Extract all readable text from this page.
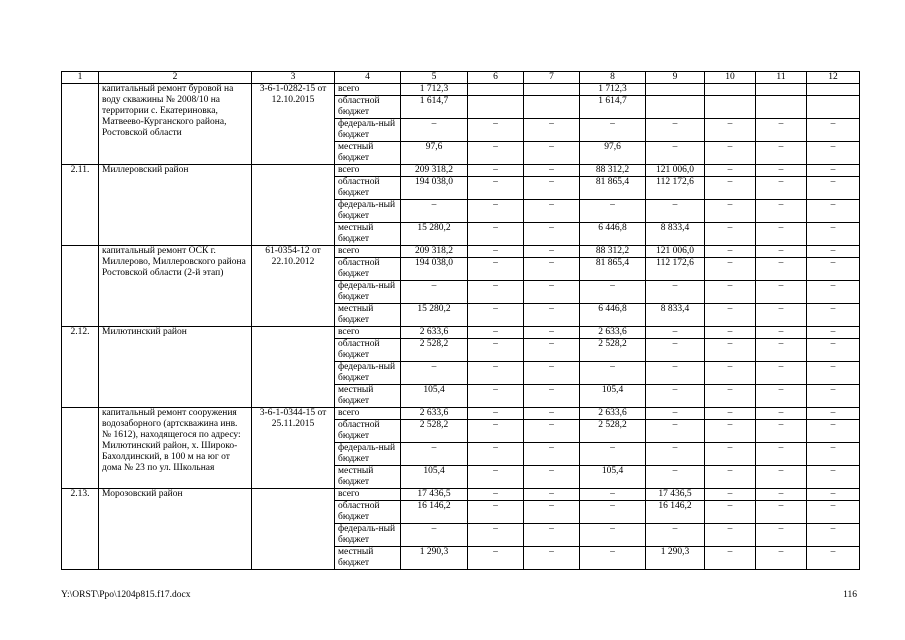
1	2	3	4	5	6	7	8	9	10	11	12
	капитальный ремонт буровой на воду скважины № 2008/10 на территории с. Екатериновка, Матвеево-Курганского района, Ростовской области	3-6-1-0282-15 от 12.10.2015	всего	1 712,3			1 712,3				
			областной бюджет	1 614,7			1 614,7				
			федераль-ный бюджет	–	–	–	–	–	–	–	–
			местный бюджет	97,6	–	–	97,6	–	–	–	–
2.11.	Миллеровский район		всего	209 318,2	–	–	88 312,2	121 006,0	–	–	–
			областной бюджет	194 038,0	–	–	81 865,4	112 172,6	–	–	–
			федераль-ный бюджет	–	–	–	–	–	–	–	–
			местный бюджет	15 280,2	–	–	6 446,8	8 833,4	–	–	–
	капитальный ремонт ОСК г. Миллерово, Миллеровского района Ростовской области (2-й этап)	61-0354-12 от 22.10.2012	всего	209 318,2	–	–	88 312,2	121 006,0	–	–	–
			областной бюджет	194 038,0	–	–	81 865,4	112 172,6	–	–	–
			федераль-ный бюджет	–	–	–	–	–	–	–	–
			местный бюджет	15 280,2	–	–	6 446,8	8 833,4	–	–	–
2.12.	Милютинский район		всего	2 633,6	–	–	2 633,6	–	–	–	–
			областной бюджет	2 528,2	–	–	2 528,2	–	–	–	–
			федераль-ный бюджет	–	–	–	–	–	–	–	–
			местный бюджет	105,4	–	–	105,4	–	–	–	–
	капитальный ремонт сооружения водозаборного (артскважина инв. № 1612), находящегося по адресу: Милютинский район, х. Широко-Бахолдинский, в 100 м на юг от дома № 23 по ул. Школьная	3-6-1-0344-15 от 25.11.2015	всего	2 633,6	–	–	2 633,6	–	–	–	–
			областной бюджет	2 528,2	–	–	2 528,2	–	–	–	–
			федераль-ный бюджет	–	–	–	–	–	–	–	–
			местный бюджет	105,4	–	–	105,4	–	–	–	–
2.13.	Морозовский район		всего	17 436,5	–	–	–	17 436,5	–	–	–
			областной бюджет	16 146,2	–	–	–	16 146,2	–	–	–
			федераль-ный бюджет	–	–	–	–	–	–	–	–
			местный бюджет	1 290,3	–	–	–	1 290,3	–	–	–
Y:\ORST\Ppo\1204p815.f17.docx	116
